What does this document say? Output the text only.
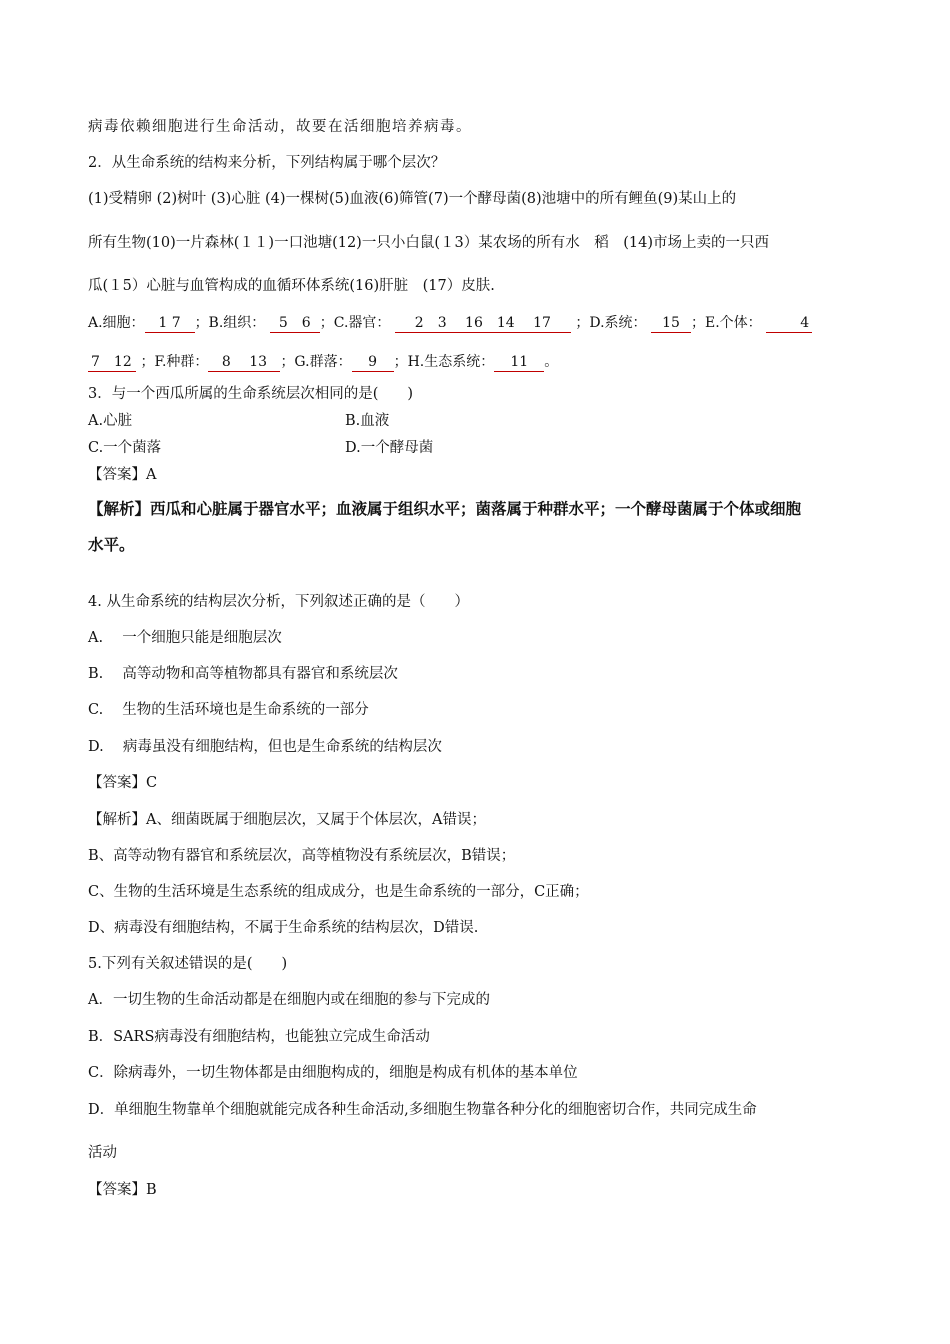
病毒依赖细胞进行生命活动，故要在活细胞培养病毒。
2．从生命系统的结构来分析，下列结构属于哪个层次？
(1)受精卵 (2)树叶 (3)心脏 (4)一棵树(5)血液(6)筛管(7)一个酵母菌(8)池塘中的所有鲤鱼(9)某山上的
所有生物(10)一片森林(１１)一口池塘(12)一只小白鼠(１3）某农场的所有水　稻　(14)市场上卖的一只西
瓜(１5）心脏与血管构成的血循环体系统(16)肝脏　(17）皮肤.
A.细胞： 1 7 ；B.组织： 5　6 ；C.器官： 2　3　 16　14　 17 ；D.系统： 15 ；E.个体：	4
7　12 ；F.种群： 8　 13 ；G.群落： 9 ；H.生态系统： 11 。
3．与一个西瓜所属的生命系统层次相同的是(　　)
A.心脏	B.血液
C.一个菌落	D.一个酵母菌
【答案】A
【解析】西瓜和心脏属于器官水平；血液属于组织水平；菌落属于种群水平；一个酵母菌属于个体或细胞
水平。
4. 从生命系统的结构层次分析，下列叙述正确的是（　　）
A.　 一个细胞只能是细胞层次
B.　 高等动物和高等植物都具有器官和系统层次
C.　 生物的生活环境也是生命系统的一部分
D.　 病毒虽没有细胞结构，但也是生命系统的结构层次
【答案】C
【解析】A、细菌既属于细胞层次，又属于个体层次，A错误；
B、高等动物有器官和系统层次，高等植物没有系统层次，B错误；
C、生物的生活环境是生态系统的组成成分，也是生命系统的一部分，C正确；
D、病毒没有细胞结构，不属于生命系统的结构层次，D错误.
5.下列有关叙述错误的是(　　)
A．一切生物的生命活动都是在细胞内或在细胞的参与下完成的
B．SARS病毒没有细胞结构，也能独立完成生命活动
C．除病毒外，一切生物体都是由细胞构成的，细胞是构成有机体的基本单位
D．单细胞生物靠单个细胞就能完成各种生命活动,多细胞生物靠各种分化的细胞密切合作，共同完成生命
活动
【答案】B
